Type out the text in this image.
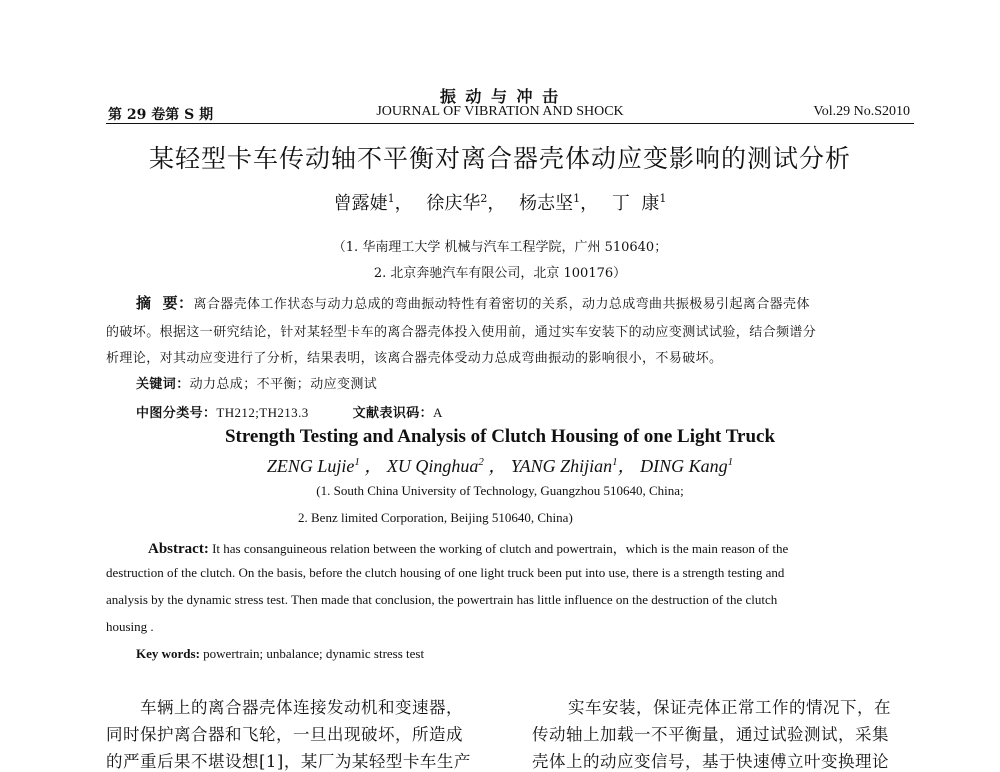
振 动 与 冲 击
第 29 卷第 S 期	JOURNAL OF VIBRATION AND SHOCK	Vol.29 No.S2010
某轻型卡车传动轴不平衡对离合器壳体动应变影响的测试分析
曾露婕$^1$， 徐庆华$^2$， 杨志坚$^1$， 丁  康$^1$
（1. 华南理工大学 机械与汽车工程学院，广州 510640；
2. 北京奔驰汽车有限公司，北京 100176）
摘  要：离合器壳体工作状态与动力总成的弯曲振动特性有着密切的关系，动力总成弯曲共振极易引起离合器壳体
的破坏。根据这一研究结论，针对某轻型卡车的离合器壳体投入使用前，通过实车安装下的动应变测试试验，结合频谱分
析理论，对其动应变进行了分析，结果表明，该离合器壳体受动力总成弯曲振动的影响很小，不易破坏。
关键词：动力总成；不平衡；动应变测试
中图分类号：TH212;TH213.3	文献表识码：A
Strength Testing and Analysis of Clutch Housing of one Light Truck
ZENG Lujie$^1$ ， XU Qinghua$^2$ ， YANG Zhijian$^1$， DING Kang$^1$
(1. South China University of Technology, Guangzhou 510640, China;
2. Benz limited Corporation, Beijing 510640, China)
Abstract: It has consanguineous relation between the working of clutch and powertrain，which is the main reason of the
destruction of the clutch. On the basis, before the clutch housing of one light truck been put into use, there is a strength testing and
analysis by the dynamic stress test. Then made that conclusion, the powertrain has little influence on the destruction of the clutch
housing .
Key words: powertrain; unbalance; dynamic stress test
车辆上的离合器壳体连接发动机和变速器，
同时保护离合器和飞轮，一旦出现破坏，所造成
的严重后果不堪设想[1]，某厂为某轻型卡车生产
实车安装，保证壳体正常工作的情况下，在
传动轴上加载一不平衡量，通过试验测试，采集
壳体上的动应变信号，基于快速傅立叶变换理论
